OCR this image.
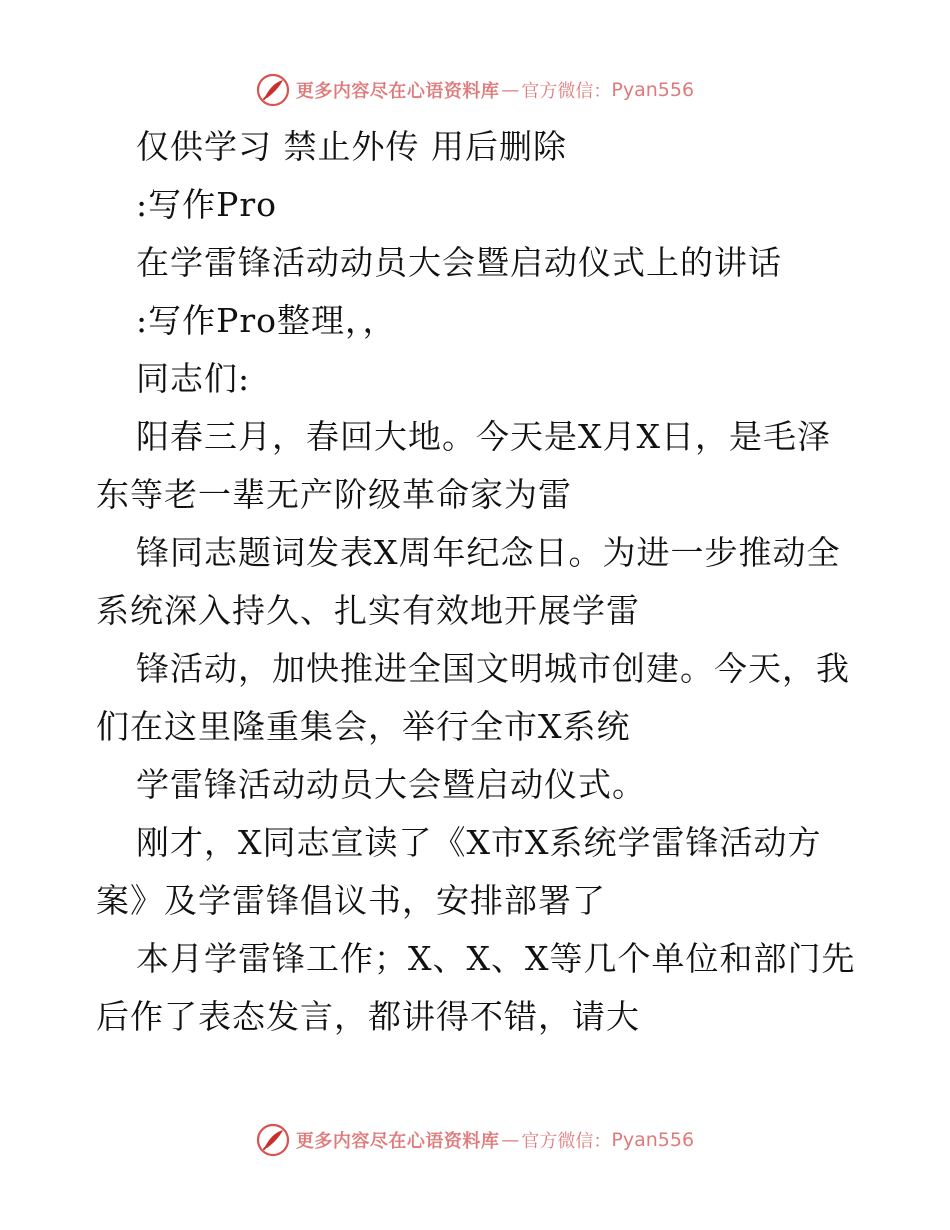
更多内容尽在心语资料库 — 官方微信： Pyan556
仅供学习 禁止外传 用后删除
:写作Pro
在学雷锋活动动员大会暨启动仪式上的讲话
:写作Pro整理，，
同志们:
阳春三月，春回大地。今天是X月X日，是毛泽
东等老一辈无产阶级革命家为雷
锋同志题词发表X周年纪念日。为进一步推动全
系统深入持久、扎实有效地开展学雷
锋活动，加快推进全国文明城市创建。今天，我
们在这里隆重集会，举行全市X系统
学雷锋活动动员大会暨启动仪式。
刚才，X同志宣读了《X市X系统学雷锋活动方
案》及学雷锋倡议书，安排部署了
本月学雷锋工作；X、X、X等几个单位和部门先
后作了表态发言，都讲得不错，请大
更多内容尽在心语资料库 — 官方微信： Pyan556
